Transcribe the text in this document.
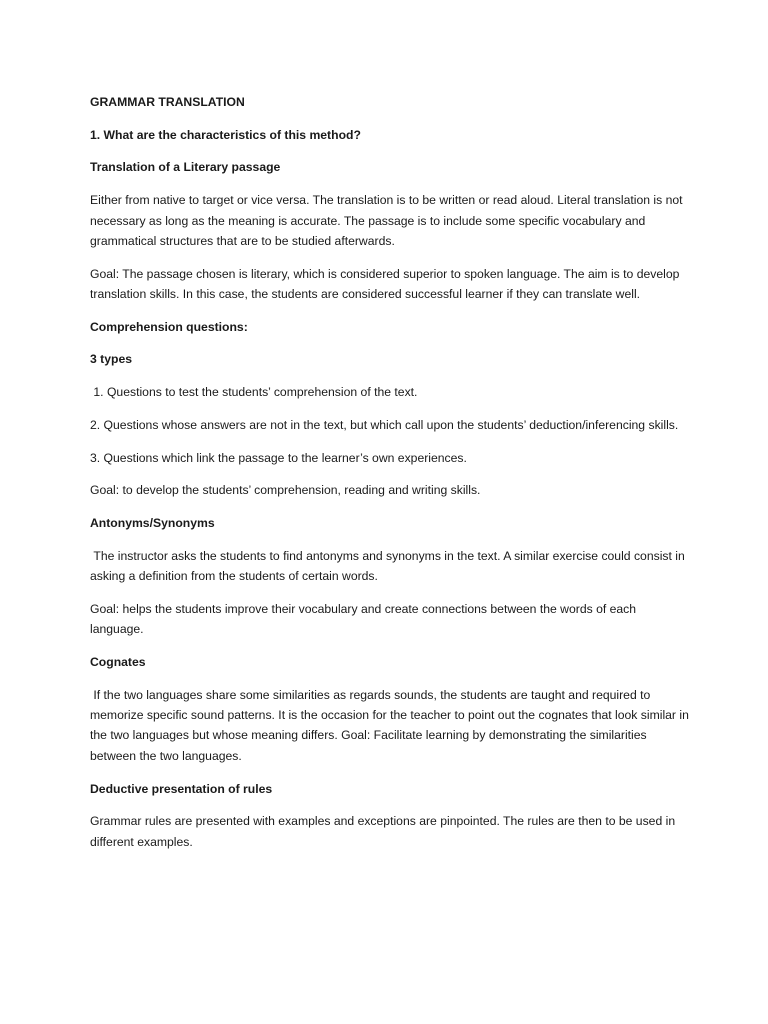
GRAMMAR TRANSLATION

1. What are the characteristics of this method?

Translation of a Literary passage

Either from native to target or vice versa. The translation is to be written or read aloud. Literal translation is not necessary as long as the meaning is accurate. The passage is to include some specific vocabulary and grammatical structures that are to be studied afterwards.

Goal: The passage chosen is literary, which is considered superior to spoken language. The aim is to develop translation skills. In this case, the students are considered successful learner if they can translate well.

Comprehension questions:

3 types

1. Questions to test the students’ comprehension of the text.

2. Questions whose answers are not in the text, but which call upon the students’ deduction/inferencing skills.

3. Questions which link the passage to the learner’s own experiences.

Goal: to develop the students’ comprehension, reading and writing skills.

Antonyms/Synonyms

The instructor asks the students to find antonyms and synonyms in the text. A similar exercise could consist in asking a definition from the students of certain words.

Goal: helps the students improve their vocabulary and create connections between the words of each language.

Cognates

If the two languages share some similarities as regards sounds, the students are taught and required to memorize specific sound patterns. It is the occasion for the teacher to point out the cognates that look similar in the two languages but whose meaning differs. Goal: Facilitate learning by demonstrating the similarities between the two languages.

Deductive presentation of rules

Grammar rules are presented with examples and exceptions are pinpointed. The rules are then to be used in different examples.
